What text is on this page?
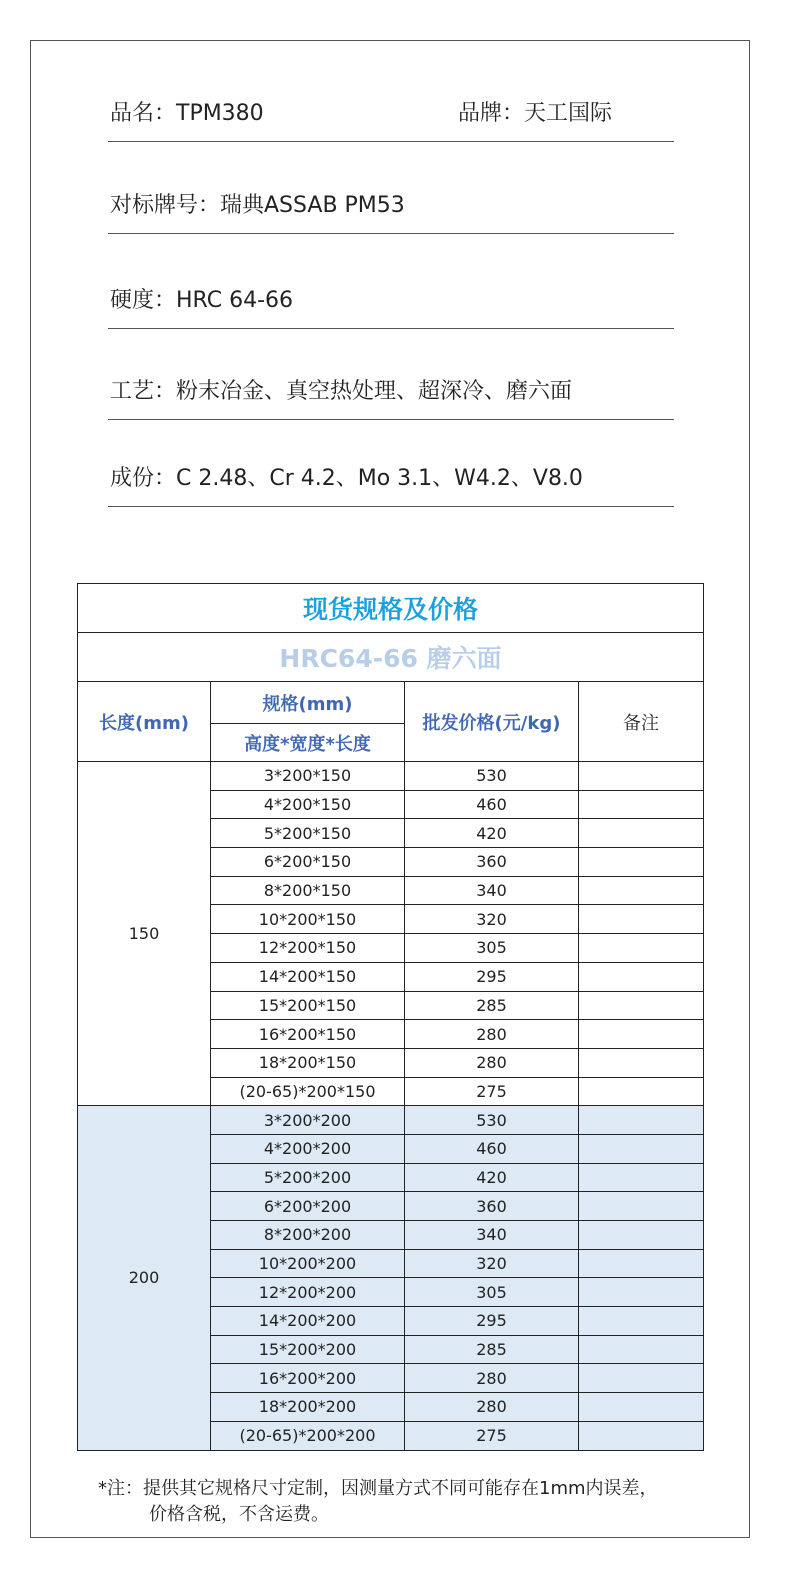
品名：TPM380	品牌：天工国际
对标牌号：瑞典ASSAB PM53
硬度：HRC 64-66
工艺：粉末冶金、真空热处理、超深冷、磨六面
成份：C 2.48、Cr 4.2、Mo 3.1、W4.2、V8.0
现货规格及价格			
HRC64-66 磨六面			
长度(mm)	规格(mm)	批发价格(元/kg)	备注
	高度*宽度*长度		
150	3*200*150	530	
	4*200*150	460	
	5*200*150	420	
	6*200*150	360	
	8*200*150	340	
	10*200*150	320	
	12*200*150	305	
	14*200*150	295	
	15*200*150	285	
	16*200*150	280	
	18*200*150	280	
	(20-65)*200*150	275	
200	3*200*200	530	
	4*200*200	460	
	5*200*200	420	
	6*200*200	360	
	8*200*200	340	
	10*200*200	320	
	12*200*200	305	
	14*200*200	295	
	15*200*200	285	
	16*200*200	280	
	18*200*200	280	
	(20-65)*200*200	275	
*注：提供其它规格尺寸定制，因测量方式不同可能存在1mm内误差，
价格含税，不含运费。
